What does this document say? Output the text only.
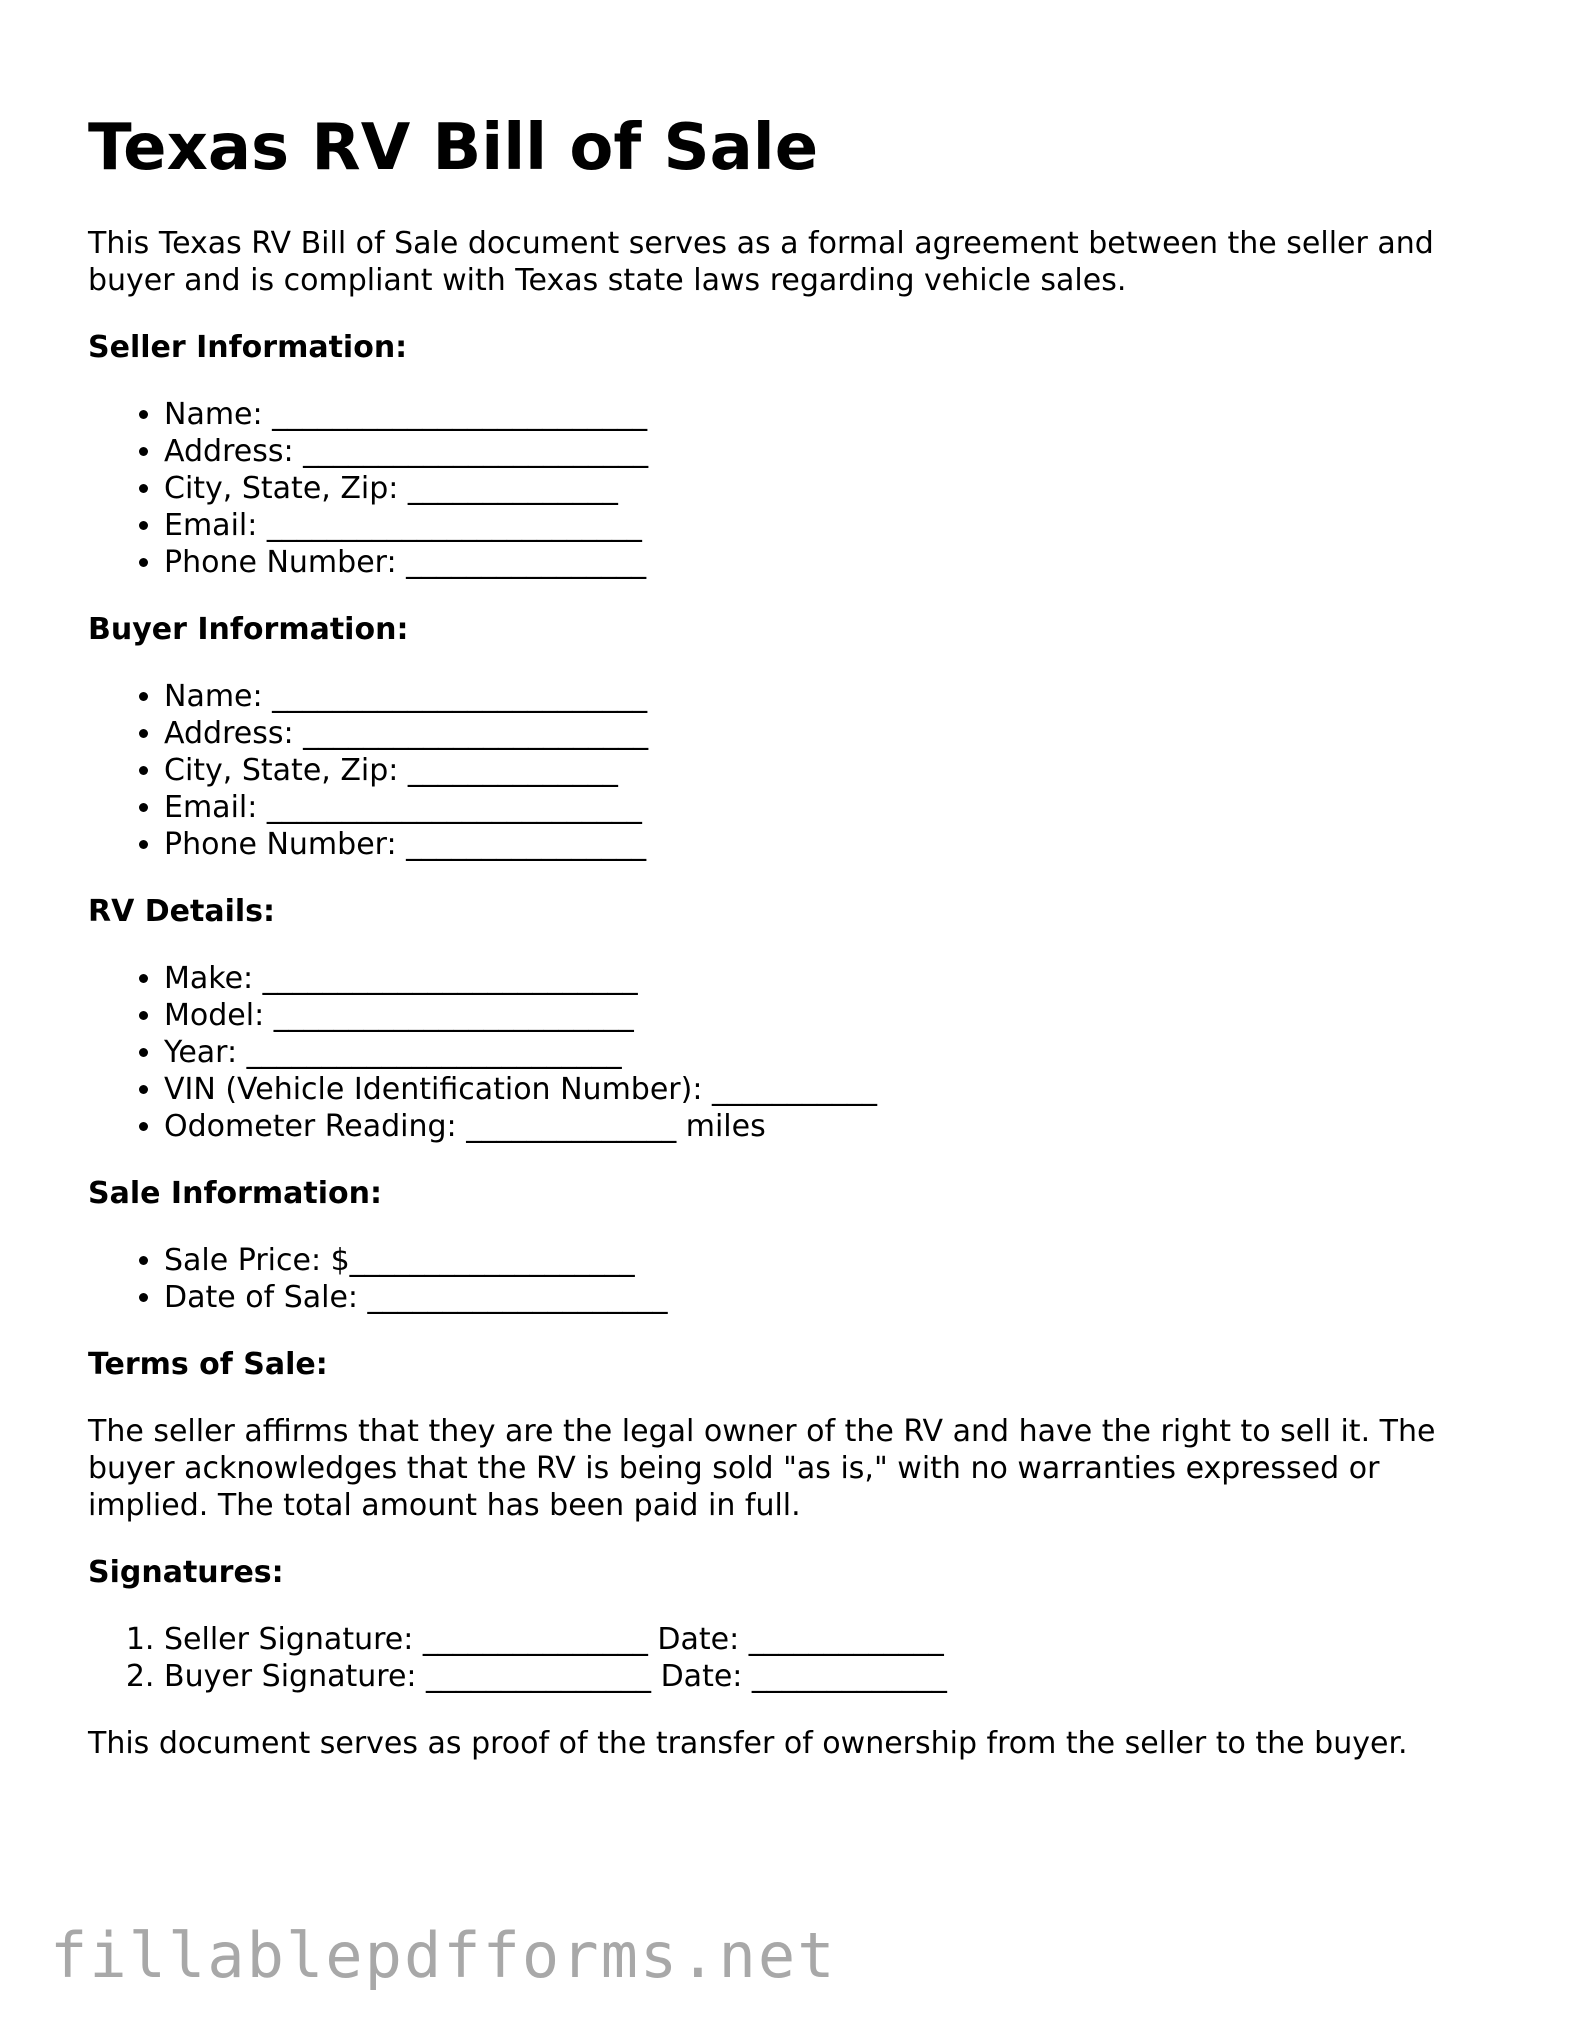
Texas RV Bill of Sale

This Texas RV Bill of Sale document serves as a formal agreement between the seller and buyer and is compliant with Texas state laws regarding vehicle sales.

Seller Information:
• Name: _________________________
• Address: _______________________
• City, State, Zip: ______________
• Email: _________________________
• Phone Number: ________________
Buyer Information:
• Name: _________________________
• Address: _______________________
• City, State, Zip: ______________
• Email: _________________________
• Phone Number: ________________
RV Details:
• Make: _________________________
• Model: ________________________
• Year: _________________________
• VIN (Vehicle Identification Number): ___________
• Odometer Reading: ______________ miles
Sale Information:
• Sale Price: $___________________
• Date of Sale: ____________________
Terms of Sale:

The seller affirms that they are the legal owner of the RV and have the right to sell it. The buyer acknowledges that the RV is being sold "as is," with no warranties expressed or implied. The total amount has been paid in full.

Signatures:
1. Seller Signature: _______________ Date: _____________
2. Buyer Signature: _______________ Date: _____________

This document serves as proof of the transfer of ownership from the seller to the buyer.

fillablepdfforms.net
